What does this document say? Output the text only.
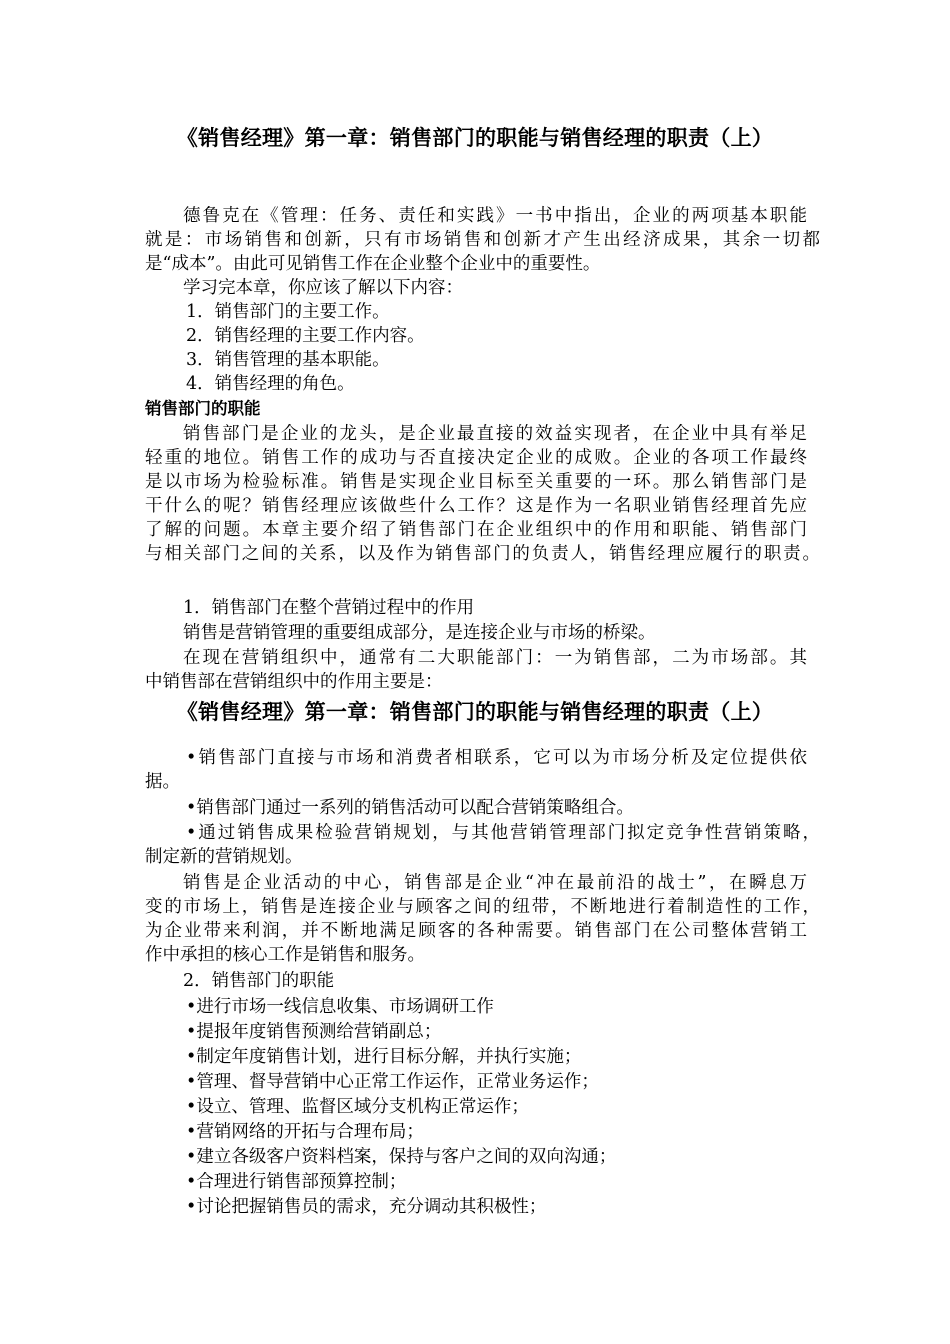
《销售经理》第一章：销售部门的职能与销售经理的职责（上）
德鲁克在《管理：任务、责任和实践》一书中指出，企业的两项基本职能
就是：市场销售和创新，只有市场销售和创新才产生出经济成果，其余一切都
是“成本”。由此可见销售工作在企业整个企业中的重要性。
学习完本章，你应该了解以下内容：
1．销售部门的主要工作。
2．销售经理的主要工作内容。
3．销售管理的基本职能。
4．销售经理的角色。
销售部门的职能
销售部门是企业的龙头，是企业最直接的效益实现者，在企业中具有举足
轻重的地位。销售工作的成功与否直接决定企业的成败。企业的各项工作最终
是以市场为检验标准。销售是实现企业目标至关重要的一环。那么销售部门是
干什么的呢？销售经理应该做些什么工作？这是作为一名职业销售经理首先应
了解的问题。本章主要介绍了销售部门在企业组织中的作用和职能、销售部门
与相关部门之间的关系，以及作为销售部门的负责人，销售经理应履行的职责。
1．销售部门在整个营销过程中的作用
销售是营销管理的重要组成部分，是连接企业与市场的桥梁。
在现在营销组织中，通常有二大职能部门：一为销售部，二为市场部。其
中销售部在营销组织中的作用主要是：
《销售经理》第一章：销售部门的职能与销售经理的职责（上）
•销售部门直接与市场和消费者相联系，它可以为市场分析及定位提供依
据。
•销售部门通过一系列的销售活动可以配合营销策略组合。
•通过销售成果检验营销规划，与其他营销管理部门拟定竞争性营销策略，
制定新的营销规划。
销售是企业活动的中心，销售部是企业“冲在最前沿的战士”，在瞬息万
变的市场上，销售是连接企业与顾客之间的纽带，不断地进行着制造性的工作，
为企业带来利润，并不断地满足顾客的各种需要。销售部门在公司整体营销工
作中承担的核心工作是销售和服务。
2．销售部门的职能
•进行市场一线信息收集、市场调研工作
•提报年度销售预测给营销副总；
•制定年度销售计划，进行目标分解，并执行实施；
•管理、督导营销中心正常工作运作，正常业务运作；
•设立、管理、监督区域分支机构正常运作；
•营销网络的开拓与合理布局；
•建立各级客户资料档案，保持与客户之间的双向沟通；
•合理进行销售部预算控制；
•讨论把握销售员的需求，充分调动其积极性；
